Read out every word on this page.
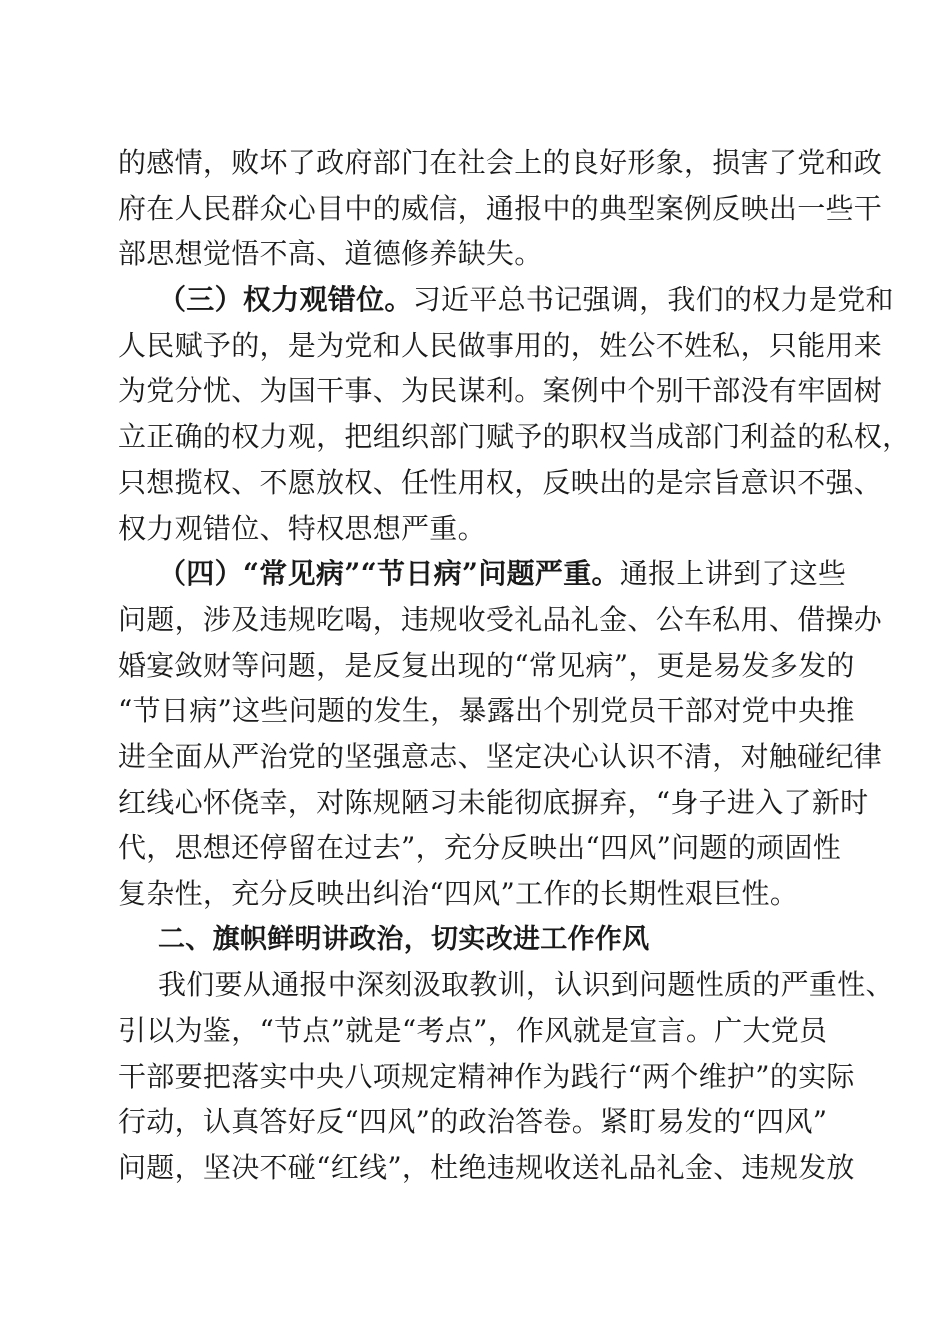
的感情，败坏了政府部门在社会上的良好形象，损害了党和政
府在人民群众心目中的威信，通报中的典型案例反映出一些干
部思想觉悟不高、道德修养缺失。
（三）权力观错位。习近平总书记强调，我们的权力是党和
人民赋予的，是为党和人民做事用的，姓公不姓私，只能用来
为党分忧、为国干事、为民谋利。案例中个别干部没有牢固树
立正确的权力观，把组织部门赋予的职权当成部门利益的私权，
只想揽权、不愿放权、任性用权，反映出的是宗旨意识不强、
权力观错位、特权思想严重。
（四）“常见病”“节日病”问题严重。通报上讲到了这些
问题，涉及违规吃喝，违规收受礼品礼金、公车私用、借操办
婚宴敛财等问题，是反复出现的“常见病”，更是易发多发的
“节日病”这些问题的发生，暴露出个别党员干部对党中央推
进全面从严治党的坚强意志、坚定决心认识不清，对触碰纪律
红线心怀侥幸，对陈规陋习未能彻底摒弃，“身子进入了新时
代，思想还停留在过去”，充分反映出“四风”问题的顽固性
复杂性，充分反映出纠治“四风”工作的长期性艰巨性。
二、旗帜鲜明讲政治，切实改进工作作风
我们要从通报中深刻汲取教训，认识到问题性质的严重性、
引以为鉴，“节点”就是“考点”，作风就是宣言。广大党员
干部要把落实中央八项规定精神作为践行“两个维护”的实际
行动，认真答好反“四风”的政治答卷。紧盯易发的“四风”
问题，坚决不碰“红线”，杜绝违规收送礼品礼金、违规发放
